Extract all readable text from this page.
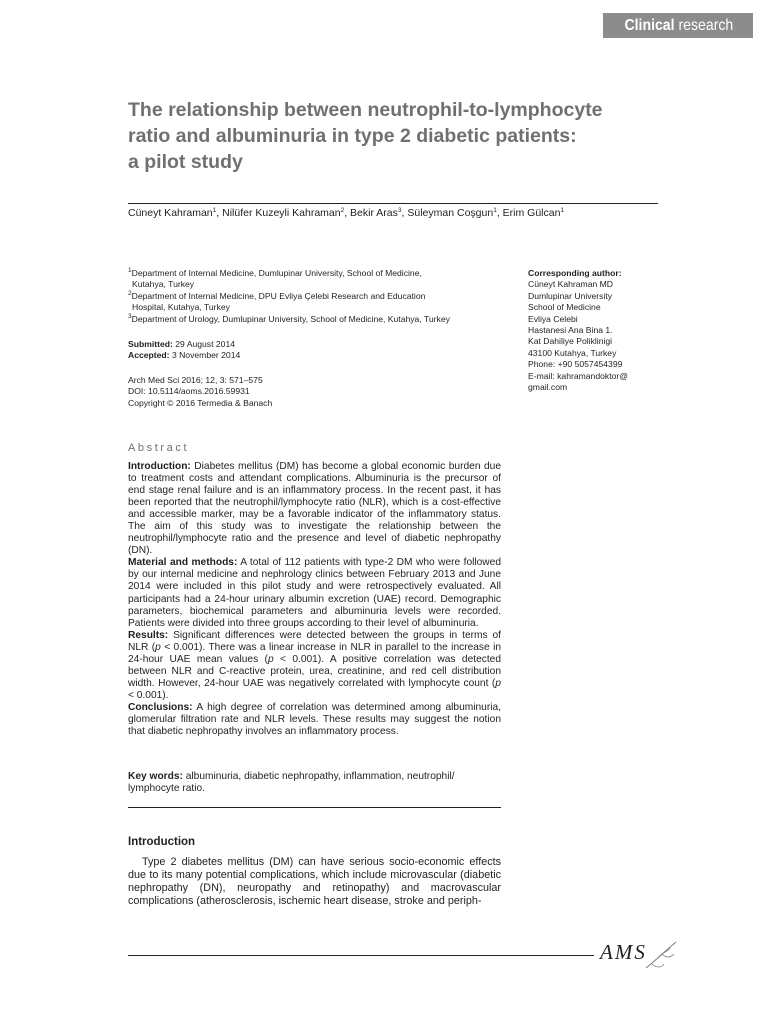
Clinical research
The relationship between neutrophil-to-lymphocyte
ratio and albuminuria in type 2 diabetic patients:
a pilot study
Cüneyt Kahraman$^1$, Nilüfer Kuzeyli Kahraman$^2$, Bekir Aras$^3$, Süleyman Coşgun$^1$, Erim Gülcan$^1$
$^1$Department of Internal Medicine, Dumlupinar University, School of Medicine,
Kutahya, Turkey
$^2$Department of Internal Medicine, DPU Evliya Çelebi Research and Education
Hospital, Kutahya, Turkey
$^3$Department of Urology, Dumlupinar University, School of Medicine, Kutahya, Turkey
Submitted: 29 August 2014
Accepted: 3 November 2014
Arch Med Sci 2016; 12, 3: 571–575
DOI: 10.5114/aoms.2016.59931
Copyright © 2016 Termedia & Banach
Corresponding author:
Cüneyt Kahraman MD
Dumlupinar University
School of Medicine
Evliya Celebi
Hastanesi Ana Bina 1.
Kat Dahiliye Poliklinigi
43100 Kutahya, Turkey
Phone: +90 5057454399
E-mail: kahramandoktor@
gmail.com
Abstract

Introduction: Diabetes mellitus (DM) has become a global economic burden due to treatment costs and attendant complications. Albuminuria is the precursor of end stage renal failure and is an inflammatory process. In the recent past, it has been reported that the neutrophil/lymphocyte ratio (NLR), which is a cost-effective and accessible marker, may be a favorable indicator of the inflammatory status. The aim of this study was to investigate the relationship between the neutrophil/lymphocyte ratio and the presence and level of diabetic nephropathy (DN).

Material and methods: A total of 112 patients with type-2 DM who were followed by our internal medicine and nephrology clinics between February 2013 and June 2014 were included in this pilot study and were retrospectively evaluated. All participants had a 24-hour urinary albumin excretion (UAE) record. Demographic parameters, biochemical parameters and albuminuria levels were recorded. Patients were divided into three groups according to their level of albuminuria.

Results: Significant differences were detected between the groups in terms of NLR (p < 0.001). There was a linear increase in NLR in parallel to the increase in 24-hour UAE mean values (p < 0.001). A positive correlation was detected between NLR and C-reactive protein, urea, creatinine, and red cell distribution width. However, 24-hour UAE was negatively correlated with lymphocyte count (p < 0.001).

Conclusions: A high degree of correlation was determined among albuminuria, glomerular filtration rate and NLR levels. These results may suggest the notion that diabetic nephropathy involves an inflammatory process.

Key words: albuminuria, diabetic nephropathy, inflammation, neutrophil/
lymphocyte ratio.
Introduction
Type 2 diabetes mellitus (DM) can have serious socio-economic effects due to its many potential complications, which include microvascular (diabetic nephropathy (DN), neuropathy and retinopathy) and macrovascular complications (atherosclerosis, ischemic heart disease, stroke and periph-
AMS
